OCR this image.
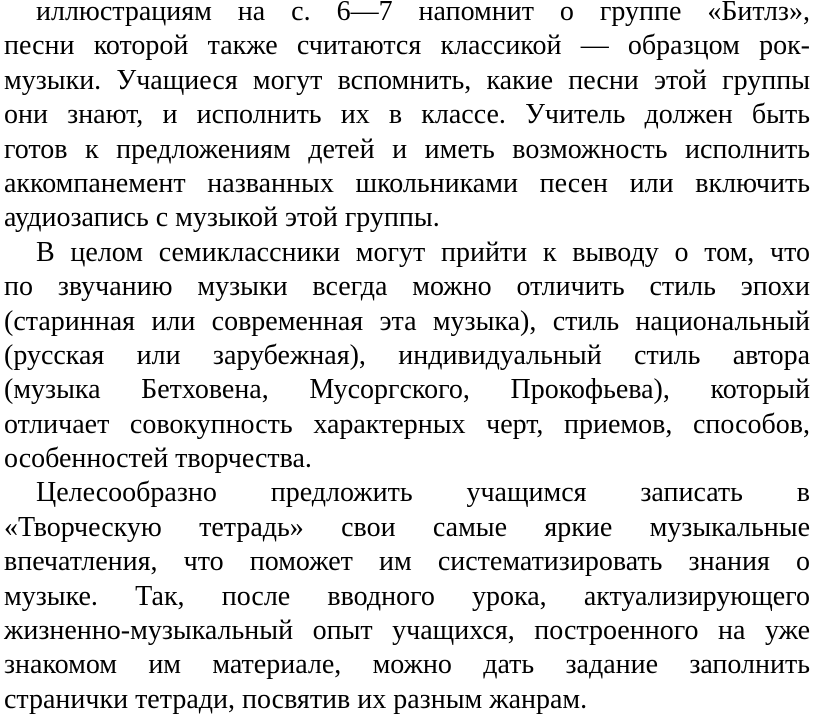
иллюстрациям на с. 6—7 напомнит о группе «Битлз»,
песни которой также считаются классикой — образцом рок-
музыки. Учащиеся могут вспомнить, какие песни этой группы
они знают, и исполнить их в классе. Учитель должен быть
готов к предложениям детей и иметь возможность исполнить
аккомпанемент названных школьниками песен или включить
аудиозапись с музыкой этой группы.
В целом семиклассники могут прийти к выводу о том, что
по звучанию музыки всегда можно отличить стиль эпохи
(старинная или современная эта музыка), стиль национальный
(русская или зарубежная), индивидуальный стиль автора
(музыка Бетховена, Мусоргского, Прокофьева), который
отличает совокупность характерных черт, приемов, способов,
особенностей творчества.
Целесообразно предложить учащимся записать в
«Творческую тетрадь» свои самые яркие музыкальные
впечатления, что поможет им систематизировать знания о
музыке. Так, после вводного урока, актуализирующего
жизненно-музыкальный опыт учащихся, построенного на уже
знакомом им материале, можно дать задание заполнить
странички тетради, посвятив их разным жанрам.
